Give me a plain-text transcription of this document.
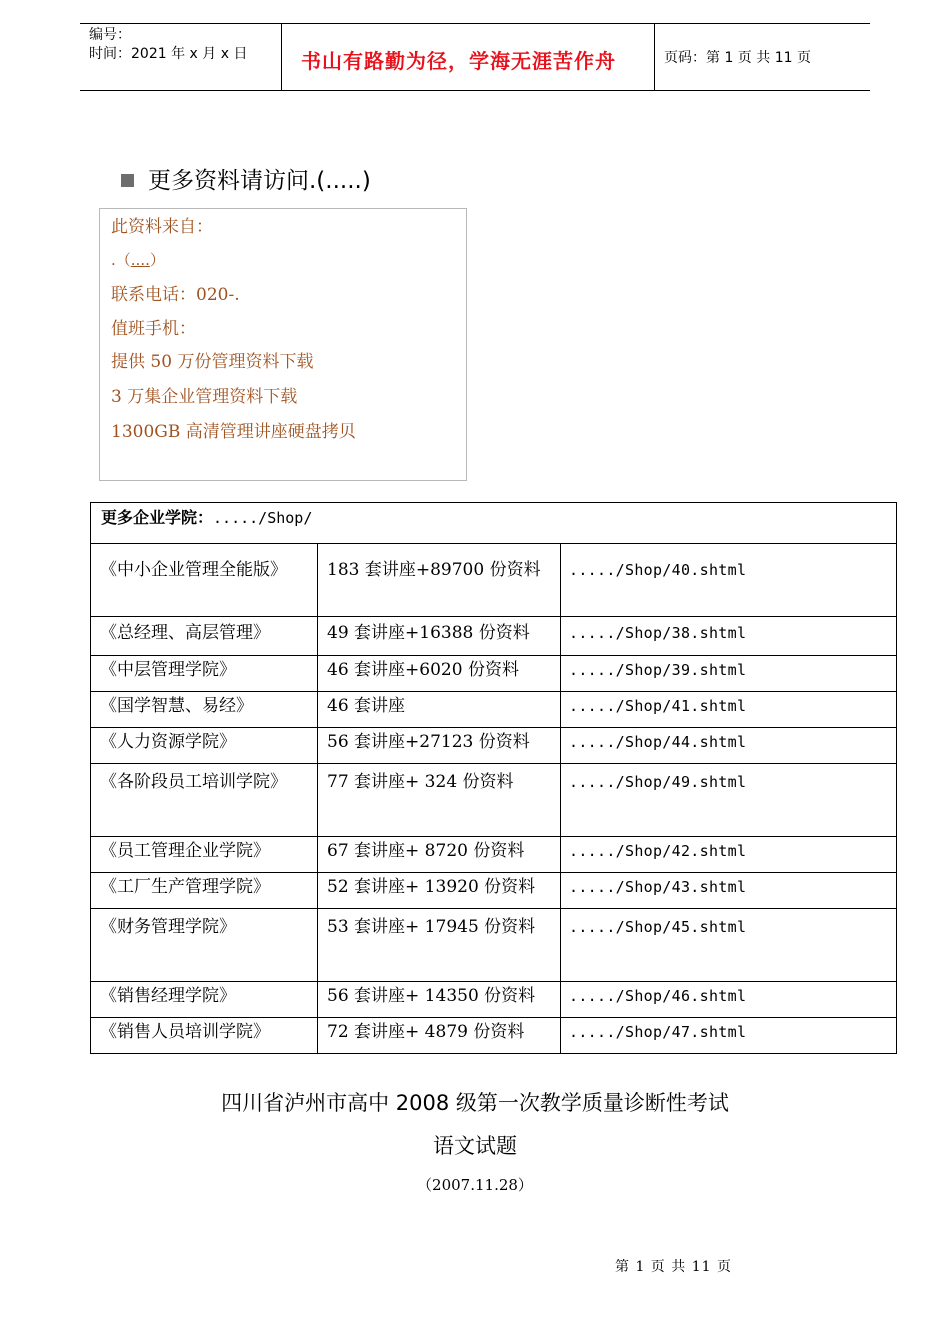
编号：
时间：2021 年 x 月 x 日	书山有路勤为径，学海无涯苦作舟	页码：第 1 页 共 11 页
更多资料请访问.(.....)
此资料来自：
.（....）
联系电话：020-.
值班手机：
提供 50 万份管理资料下载
3 万集企业管理资料下载
1300GB 高清管理讲座硬盘拷贝
更多企业学院：...../Shop/		
《中小企业管理全能版》	183 套讲座+89700 份资料	...../Shop/40.shtml
《总经理、高层管理》	49 套讲座+16388 份资料	...../Shop/38.shtml
《中层管理学院》	46 套讲座+6020 份资料	...../Shop/39.shtml
《国学智慧、易经》	46 套讲座	...../Shop/41.shtml
《人力资源学院》	56 套讲座+27123 份资料	...../Shop/44.shtml
《各阶段员工培训学院》	77 套讲座+ 324 份资料	...../Shop/49.shtml
《员工管理企业学院》	67 套讲座+ 8720 份资料	...../Shop/42.shtml
《工厂生产管理学院》	52 套讲座+ 13920 份资料	...../Shop/43.shtml
《财务管理学院》	53 套讲座+ 17945 份资料	...../Shop/45.shtml
《销售经理学院》	56 套讲座+ 14350 份资料	...../Shop/46.shtml
《销售人员培训学院》	72 套讲座+ 4879 份资料	...../Shop/47.shtml
四川省泸州市高中 2008 级第一次教学质量诊断性考试
语文试题
（2007.11.28）
第 1 页 共 11 页
